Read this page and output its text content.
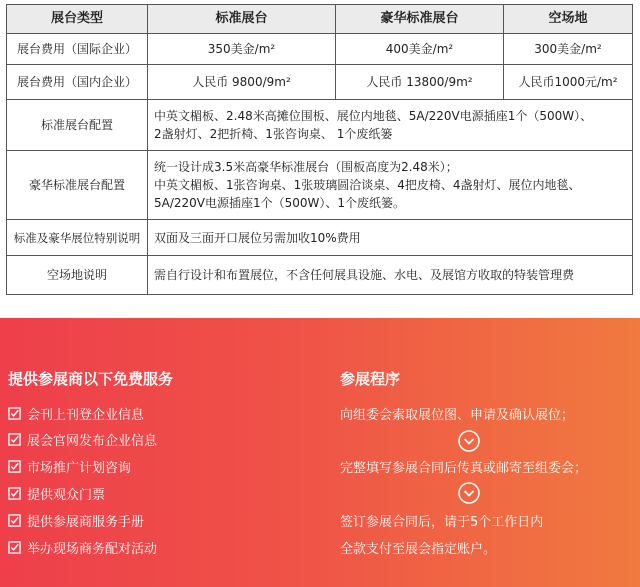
展台类型	标准展台	豪华标准展台	空场地
展台费用（国际企业）	350美金/m²	400美金/m²	300美金/m²
展台费用（国内企业）	人民币 9800/9m²	人民币 13800/9m²	人民币1000元/m²
标准展台配置	中英文楣板、2.48米高摊位围板、展位内地毯、5A/220V电源插座1个（500W）、
2盏射灯、2把折椅、1张咨询桌、 1个废纸篓		

豪华标准展台配置	统一设计成3.5米高豪华标准展台（围板高度为2.48米）；
中英文楣板、1张咨询桌、1张玻璃圆洽谈桌、4把皮椅、4盏射灯、展位内地毯、
5A/220V电源插座1个（500W）、1个废纸篓。		

标准及豪华展位特别说明	双面及三面开口展位另需加收10%费用		
空场地说明	需自行设计和布置展位，不含任何展具设施、水电、及展馆方收取的特装管理费		
提供参展商以下免费服务
会刊上刊登企业信息
展会官网发布企业信息
市场推广计划咨询
提供观众门票
提供参展商服务手册
举办现场商务配对活动
参展程序
向组委会索取展位图、申请及确认展位；
完整填写参展合同后传真或邮寄至组委会；
签订参展合同后，请于5个工作日内
全款支付至展会指定账户。
